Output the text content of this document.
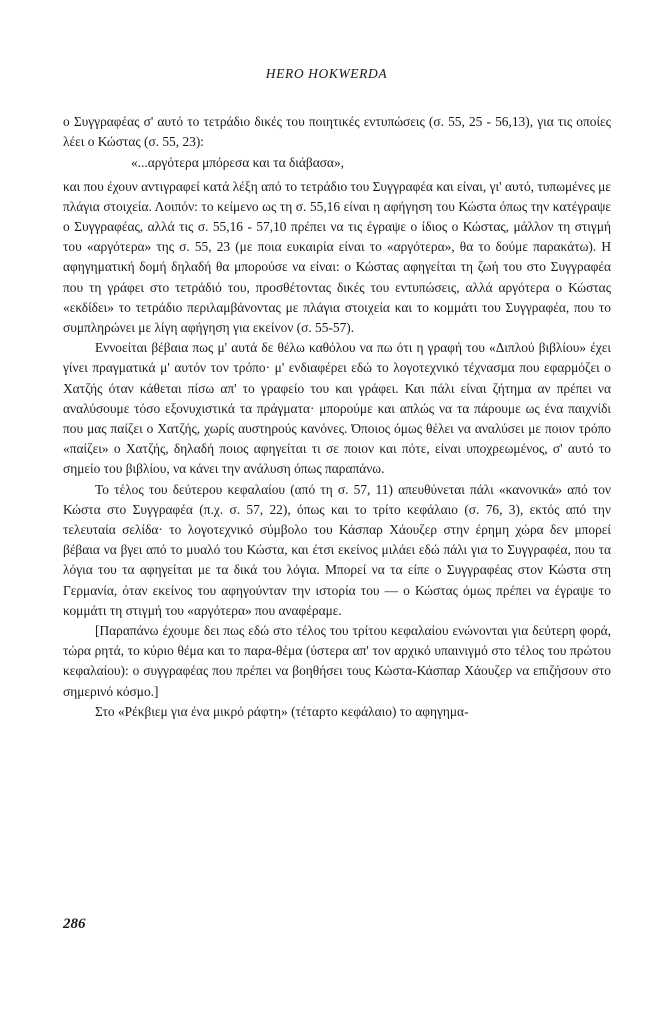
HERO HOKWERDA

ο Συγγραφέας σ' αυτό το τετράδιο δικές του ποιητικές εντυπώσεις (σ. 55, 25 - 56,13), για τις οποίες λέει ο Κώστας (σ. 55, 23):

«...αργότερα μπόρεσα και τα διάβασα»,

και που έχουν αντιγραφεί κατά λέξη από το τετράδιο του Συγγραφέα και είναι, γι' αυτό, τυπωμένες με πλάγια στοιχεία. Λοιπόν: το κείμενο ως τη σ. 55,16 είναι η αφήγηση του Κώστα όπως την κατέγραψε ο Συγγραφέας, αλλά τις σ. 55,16 - 57,10 πρέπει να τις έγραψε ο ίδιος ο Κώστας, μάλλον τη στιγμή του «αργότερα» της σ. 55, 23 (με ποια ευκαιρία είναι το «αργότερα», θα το δούμε παρακάτω). Η αφηγηματική δομή δηλαδή θα μπορούσε να είναι: ο Κώστας αφηγείται τη ζωή του στο Συγγραφέα που τη γράφει στο τετράδιό του, προσθέτοντας δικές του εντυπώσεις, αλλά αργότερα ο Κώστας «εκδίδει» το τετράδιο περιλαμβάνοντας με πλάγια στοιχεία και το κομμάτι του Συγγραφέα, που το συμπληρώνει με λίγη αφήγηση για εκείνον (σ. 55-57).

Εννοείται βέβαια πως μ' αυτά δε θέλω καθόλου να πω ότι η γραφή του «Διπλού βιβλίου» έχει γίνει πραγματικά μ' αυτόν τον τρόπο· μ' ενδιαφέρει εδώ το λογοτεχνικό τέχνασμα που εφαρμόζει ο Χατζής όταν κάθεται πίσω απ' το γραφείο του και γράφει. Και πάλι είναι ζήτημα αν πρέπει να αναλύσουμε τόσο εξονυχιστικά τα πράγματα· μπορούμε και απλώς να τα πάρουμε ως ένα παιχνίδι που μας παίζει ο Χατζής, χωρίς αυστηρούς κανόνες. Όποιος όμως θέλει να αναλύσει με ποιον τρόπο «παίζει» ο Χατζής, δηλαδή ποιος αφηγείται τι σε ποιον και πότε, είναι υποχρεωμένος, σ' αυτό το σημείο του βιβλίου, να κάνει την ανάλυση όπως παραπάνω.

Το τέλος του δεύτερου κεφαλαίου (από τη σ. 57, 11) απευθύνεται πάλι «κανονικά» από τον Κώστα στο Συγγραφέα (π.χ. σ. 57, 22), όπως και το τρίτο κεφάλαιο (σ. 76, 3), εκτός από την τελευταία σελίδα· το λογοτεχνικό σύμβολο του Κάσπαρ Χάουζερ στην έρημη χώρα δεν μπορεί βέβαια να βγει από το μυαλό του Κώστα, και έτσι εκείνος μιλάει εδώ πάλι για το Συγγραφέα, που τα λόγια του τα αφηγείται με τα δικά του λόγια. Μπορεί να τα είπε ο Συγγραφέας στον Κώστα στη Γερμανία, όταν εκείνος του αφηγούνταν την ιστορία του — ο Κώστας όμως πρέπει να έγραψε το κομμάτι τη στιγμή του «αργότερα» που αναφέραμε.

[Παραπάνω έχουμε δει πως εδώ στο τέλος του τρίτου κεφαλαίου ενώνονται για δεύτερη φορά, τώρα ρητά, το κύριο θέμα και το παρα-θέμα (ύστερα απ' τον αρχικό υπαινιγμό στο τέλος του πρώτου κεφαλαίου): ο συγγραφέας που πρέπει να βοηθήσει τους Κώστα-Κάσπαρ Χάουζερ να επιζήσουν στο σημερινό κόσμο.]

Στο «Ρέκβιεμ για ένα μικρό ράφτη» (τέταρτο κεφάλαιο) το αφηγημα-

286
